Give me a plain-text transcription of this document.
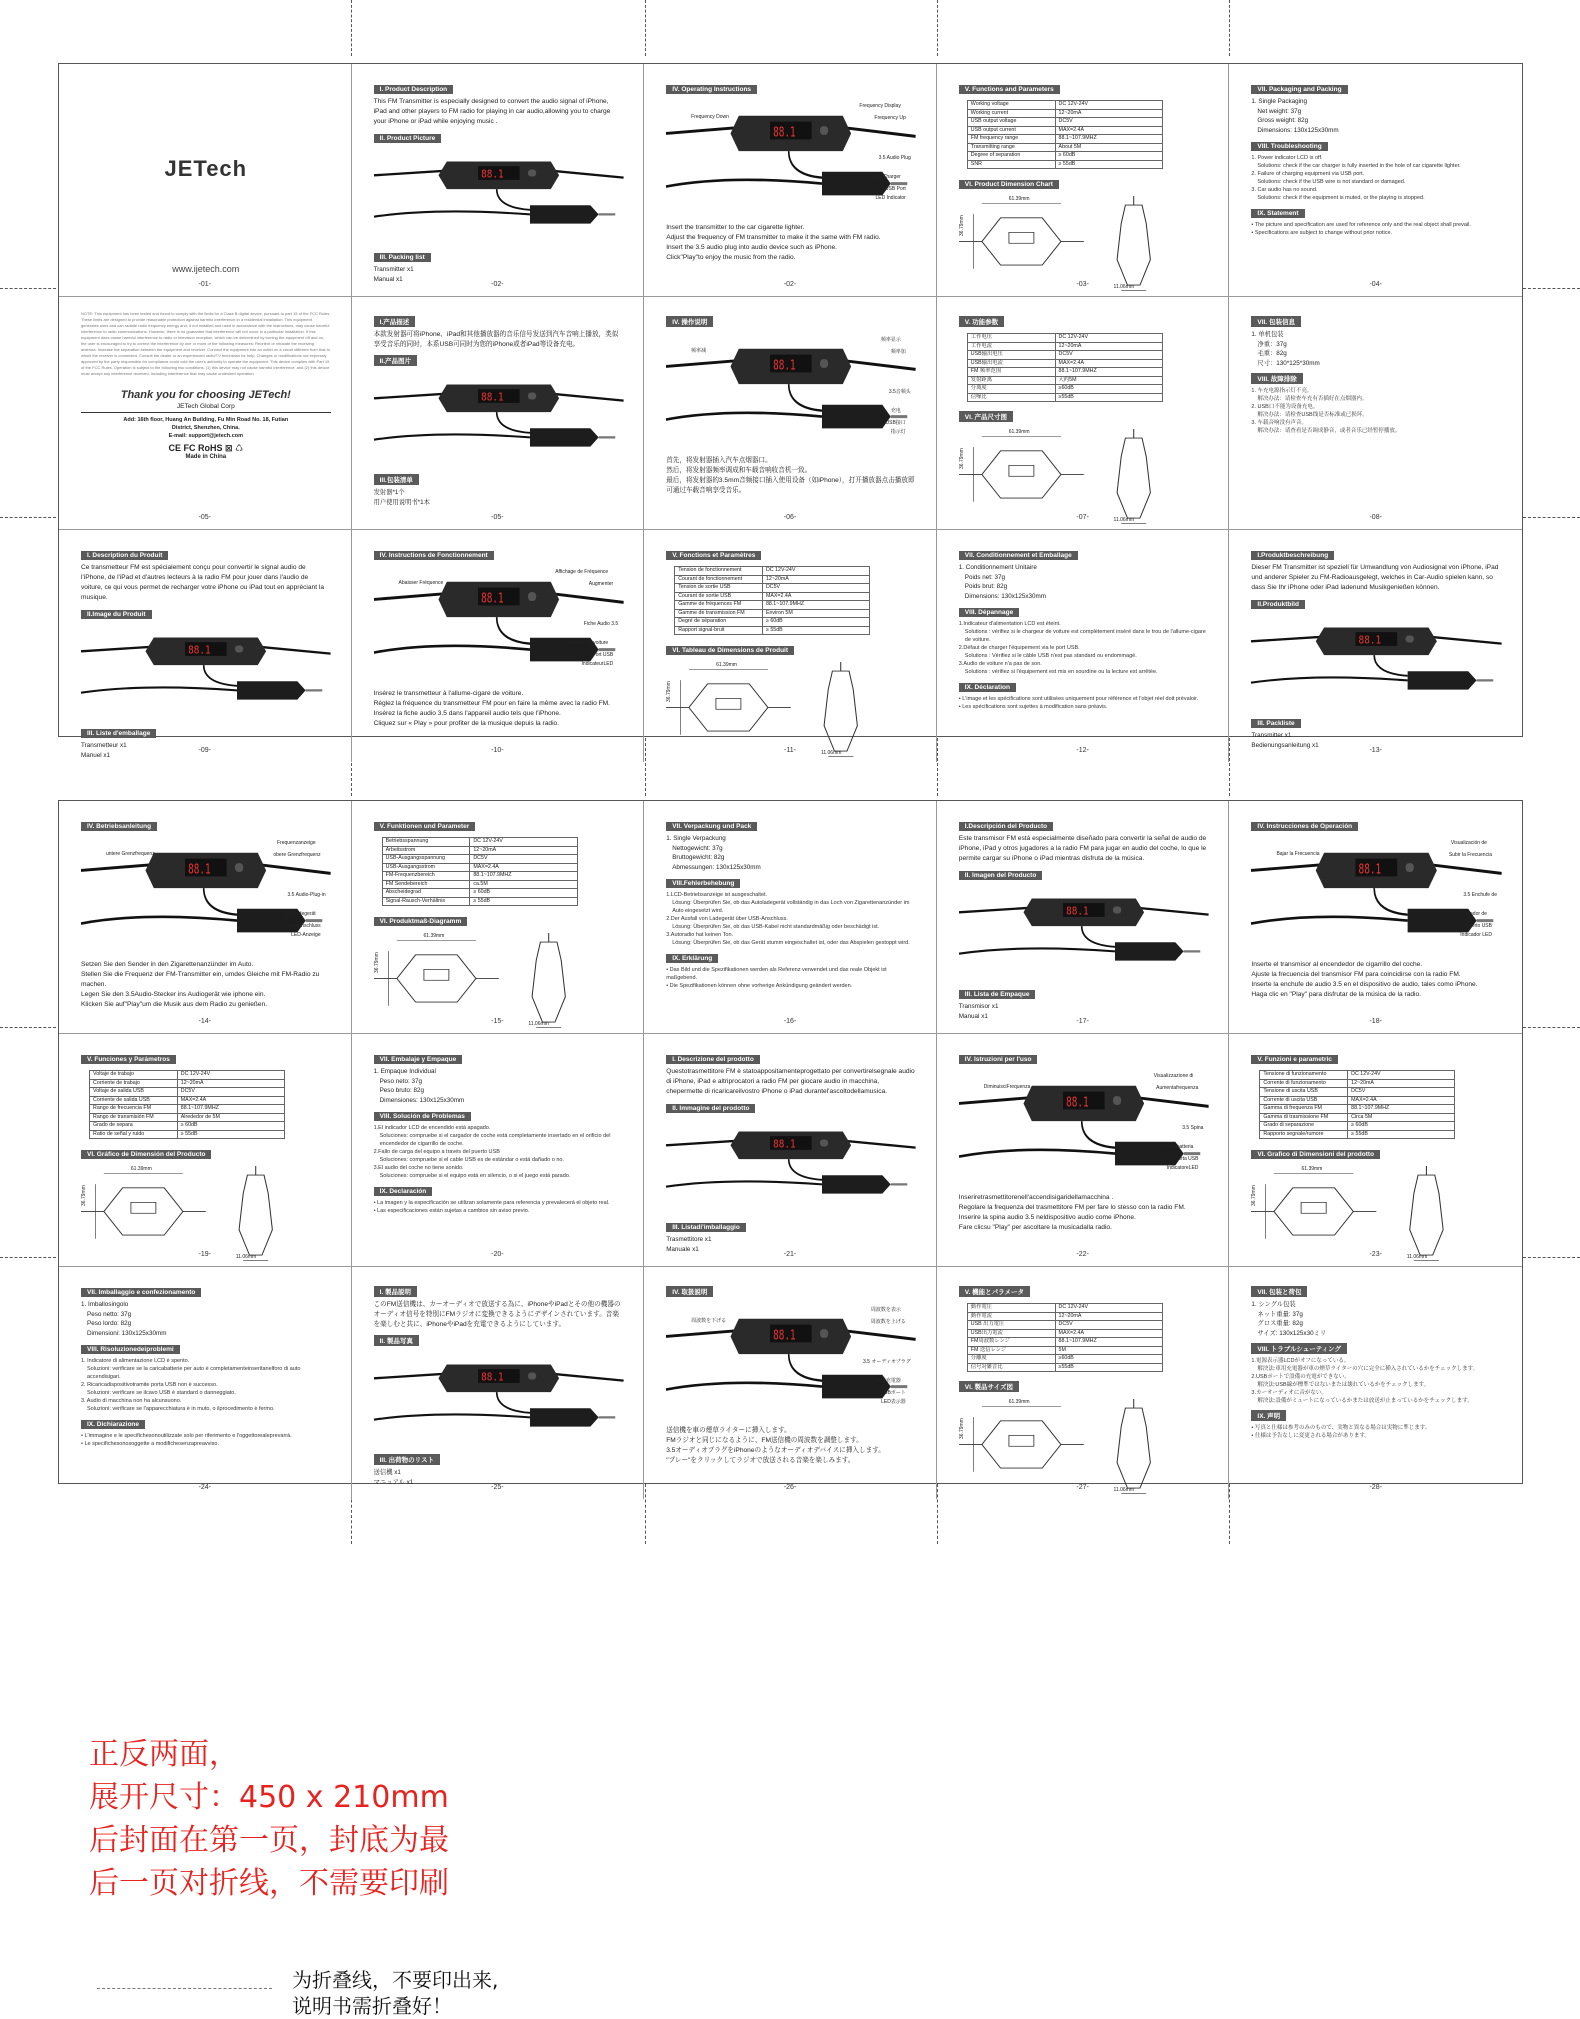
JETech
www.ijetech.com
-01-
I. Product Description
This FM Transmitter is especially designed to convert the audio signal of iPhone, iPad and other players to FM radio for playing in car audio,allowing you to charge your iPhone or iPad while enjoying music .
II. Product Picture
88.1
III. Packing list
Transmitter x1
Manual x1
-02-
IV. Operating Instructions
88.1
Frequency Display
Frequency Down	Frequency Up
3.5 Audio Plug
Car Charger
USB Port
LED Indicator
Insert the transmitter to the car cigarette lighter.
Adjust the frequency of FM transmitter to make it the same with FM radio.
Insert the 3.5 audio plug into audio device such as iPhone.
Click"Play"to enjoy the music from the radio.
-02-
V. Functions and Parameters
Working voltage	DC 12V-24V
Working current	12~20mA
USB output voltage	DC5V
USB output current	MAX=2.4A
FM frequency range	88.1~107.9MHZ
Transmitting range	About 5M
Degree of separation	≥ 60dB
SNR	≥ 55dB
VI. Product Dimension Chart
61.39mm
36.79mm
11.06mm
-03-
VII. Packaging and Packing
1. Single Packaging
Net weight: 37g
Gross weight: 82g
Dimensions: 130x125x30mm
VIII. Troubleshooting
1. Power indicator LCD is off.
Solutions: check if the car charger is fully inserted in the hole of car cigarette lighter.
2. Failure of charging equipment via USB port.
Solutions: check if the USB wire is not standard or damaged.
3. Car audio has no sound.
Solutions: check if the equipment is muted, or the playing is stopped.
IX. Statement
• The picture and specification are used for reference only and the real object shall prevail.
• Specifications are subject to change without prior notice.
-04-
NOTE: This equipment has been tested and found to comply with the limits for a Class B digital device, pursuant to part 15 of the FCC Rules. These limits are designed to provide reasonable protection against harmful interference in a residential installation. This equipment generates uses and can radiate radio frequency energy and, if not installed and used in accordance with the instructions, may cause harmful interference to radio communications. However, there is no guarantee that interference will not occur in a particular installation. If this equipment does cause harmful interference to radio or television reception, which can be determined by turning the equipment off and on, the user is encouraged to try to correct the interference by one or more of the following measures: Reorient or relocate the receiving antenna. Increase the separation between the equipment and receiver. Connect the equipment into an outlet on a circuit different from that to which the receiver is connected. Consult the dealer or an experienced radio/TV technician for help. Changes or modifications not expressly approved by the party responsible for compliance could void the user's authority to operate the equipment. This device complies with Part 15 of the FCC Rules. Operation is subject to the following two conditions: (1) this device may not cause harmful interference, and (2) this device must accept any interference received, including interference that may cause undesired operation.
Thank you for choosing JETech!
JETech Global Corp
Add: 16th floor, Huang An Building, Fu Min Road No. 18, Futian
District, Shenzhen, China.
E-mail: support@jetech.com
CE FC RoHS ⊠ ♺
Made in China
-05-
I.产品描述
本款发射器可将iPhone、iPad和其他播放器的音乐信号发送到汽车音响上播放，类似享受音乐的同时，本系USB可同时为您的iPhone或者iPad等设备充电。
II.产品图片
88.1
III.包装清单
发射器*1个
用户使用说明书*1本
-05-
IV. 操作说明
88.1
频率显示
频率减	频率加
3.5音频头
充电
USB接口
指示灯
首先，将发射器插入汽车点烟器口。
然后，将发射器频率调成和车载音响收音机一致。
最后，将发射器的3.5mm音频接口插入使用设备（如iPhone），打开播放器点击播放即可通过车载音响享受音乐。
-06-
V. 功能参数
工作电压	DC 12V-24V
工作电流	12~20mA
USB输出电压	DC5V
USB输出电流	MAX=2.4A
FM 频率范围	88.1~107.9MHZ
发射距离	大约5M
分离度	≥60dB
信噪比	≥55dB
VI. 产品尺寸图
61.39mm
36.79mm
11.06mm
-07-
VII. 包装信息
1. 单机包装
净重：37g
毛重：82g
尺寸：130*125*30mm
VIII. 故障排除
1. 车充电源指示灯不亮。
解决办法：请检查车充有否插好在点烟器内。
2. USB口不能为设备充电。
解决办法：请检查USB线是否标准或已损坏。
3. 车载音响没有声音。
解决办法：请查看是否调成静音，或者音乐已经暂停播放。
-08-
I. Description du Produit
Ce transmetteur FM est spécialement conçu pour convertir le signal audio de l'iPhone, de l'iPad et d'autres lecteurs à la radio FM pour jouer dans l'audio de voiture, ce qui vous permet de recharger votre iPhone ou iPad tout en appréciant la musique.
II.Image du Produit
88.1
III. Liste d'emballage
Transmetteur x1
Manuel x1
-09-
IV. Instructions de Fonctionnement
88.1
Affichage de Fréquence
Abaisser Fréquence	Augmenter
Fiche Audio 3.5
Chargeur de voiture
Port USB
IndicateurLED
Insérez le transmetteur à l'allume-cigare de voiture.
Réglez la fréquence du transmetteur FM pour en faire la même avec la radio FM.
Insérez la fiche audio 3.5 dans l'appareil audio tels que l'iPhone.
Cliquez sur « Play » pour profiter de la musique depuis la radio.
-10-
V. Fonctions et Paramètres
Tension de fonctionnement	DC 12V-24V
Courant de fonctionnement	12~20mA
Tension de sortie USB	DC5V
Courant de sortie USB	MAX=2.4A
Gamme de fréquences FM	88.1~107.9MHZ
Gamme de transmission FM	Environ 5M
Degré de séparation	≥ 60dB
Rapport signal-bruit	≥ 55dB
VI. Tableau de Dimensions de Produit
61.39mm
36.79mm
11.06mm
-11-
VII. Conditionnement et Emballage
1. Conditionnement Unitaire
Poids net: 37g
Poids brut: 82g
Dimensions: 130x125x30mm
VIII. Dépannage
1.Indicateur d'alimentation LCD est éteint.
Solutions : vérifiez si le chargeur de voiture est complètement inséré dans le trou de l'allume-cigare de voiture.
2.Défaut de charger l'équipement via le port USB.
Solutions : Vérifiez si le câble USB n'est pas standard ou endommagé.
3.Audio de voiture n'a pas de son.
Solutions : vérifiez si l'équipement est mis en sourdine ou la lecture est arrêtée.
IX. Déclaration
• L'image et les spécifications sont utilisées uniquement pour référence et l'objet réel doit prévaloir.
• Les spécifications sont sujettes à modification sans préavis.
-12-
I.Produktbeschreibung
Dieser FM Transmitter ist speziell für Umwandlung von Audiosignal von iPhone, iPad und anderer Spieler zu FM-Radioausgelegt, welches in Car-Audio spielen kann, so dass Sie Ihr iPhone oder iPad ladenund Musikgenießen können.
II.Produktbild
88.1
III. Packliste
Transmitter x1
Bedienungsanleitung x1
-13-
IV. Betriebsanleitung
88.1
Frequenzanzeige
untere Grenzfrequenz	obere Grenzfrequenz
3.5 Audio-Plug-in
Autoladegerät
USB-Anschluss
LED-Anzeige
Setzen Sie den Sender in den Zigarettenanzünder im Auto.
Stellen Sie die Frequenz der FM-Transmitter ein, umdes Gleiche mit FM-Radio zu machen.
Legen Sie den 3.5Audio-Stecker ins Audiogerät wie iphone ein.
Klicken Sie auf"Play"um die Musik aus dem Radio zu genießen.
-14-
V. Funktionen und Parameter
Betriebsspannung	DC 12V-24V
Arbeitsstrom	12~20mA
USB-Ausgangsspannung	DC5V
USB-Ausgangsstrom	MAX=2.4A
FM-Frequenzbereich	88.1~107.9MHZ
FM Sendebereich	ca.5M
Abscheidegrad	≥ 60dB
Signal-Rausch-Verhältnis	≥ 55dB
VI. Produktmaß-Diagramm
61.39mm
36.79mm
11.06mm
-15-
VII. Verpackung und Pack
1. Single Verpackung
Nettogewicht: 37g
Bruttogewicht: 82g
Abmessungen: 130x125x30mm
VIII.Fehlerbehebung
1.LCD-Betriebsanzeige ist ausgeschaltet.
Lösung: Überprüfen Sie, ob das Autoladegerät vollständig in das Loch von Zigarettenanzünder im Auto eingesetzt wird.
2.Der Ausfall von Ladegerät über USB-Anschluss.
Lösung: Überprüfen Sie, ob das USB-Kabel nicht standardmäßig oder beschädigt ist.
3.Autoradio hat keinen Ton.
Lösung: Überprüfen Sie, ob das Gerät stumm eingeschaltet ist, oder das Abspielen gestoppt wird.
IX. Erklärung
• Das Bild und die Spezifikationen werden als Referenz verwendet und das reale Objekt ist maßgebend.
• Die Spezifikationen können ohne vorherige Ankündigung geändert werden.
-16-
I.Descripción del Producto
Este transmisor FM está especialmente diseñado para convertir la señal de audio de iPhone, iPad y otros jugadores a la radio FM para jugar en audio del coche, lo que le permite cargar su iPhone o iPad mientras disfruta de la música.
II. Imagen del Producto
88.1
III. Lista de Empaque
Transmisor x1
Manual x1
-17-
IV. Instrucciones de Operación
88.1
Visualización de
Bajar la Frecuencia	Subir la Frecuencia
3.5 Enchufe de
Cargador de
Puerto USB
Indicador LED
Inserte el transmisor al encendedor de cigarrillo del coche.
Ajuste la frecuencia del transmisor FM para coincidirse con la radio FM.
Inserte la enchufe de audio 3.5 en el dispositivo de audio, tales como iPhone.
Haga clic en "Play" para disfrutar de la música de la radio.
-18-
V. Funciones y Parámetros
Voltaje de trabajo	DC 12V-24V
Corriente de trabajo	12~20mA
Voltaje de salida USB	DC5V
Corriente de salida USB	MAX=2.4A
Rango de frecuencia FM	88.1~107.9MHZ
Rango de transmisión FM	Alrededor de 5M
Grado de separa	≥ 60dB
Ratio de señal y ruido	≥ 55dB
VI. Gráfico de Dimensión del Producto
61.39mm
36.79mm
11.06mm
-19-
VII. Embalaje y Empaque
1. Empaque Individual
Peso neto: 37g
Peso bruto: 82g
Dimensiones: 130x125x30mm
VIII. Solución de Problemas
1.El indicador LCD de encendido está apagado.
Soluciones: compruebe si el cargador de coche está completamente insertado en el orificio del encendedor de cigarrillo de coche.
2.Fallo de carga del equipo a través del puerto USB
Soluciones: compruebe si el cable USB es de estándar o está dañado o no.
3.El audio del coche no tiene sonido.
Soluciones: compruebe si el equipo está en silencio, o si el juego está parado.
IX. Declaración
• La imagen y la especificación se utilizan solamente para referencia y prevalecerá el objeto real.
• Las especificaciones están sujetas a cambios sin aviso previo.
-20-
I. Descrizione del prodotto
Questotrasmettitore FM è statoappositamenteprogettato per convertirelsegnale audio di iPhone, iPad e altriprocatori a radio FM per giocare audio in macchina, chepermette di ricaricareilvostro iPhone o iPad durantel'ascoltodellamusica.
II. Immagine del prodotto
88.1
III. Listadi'imballaggio
Trasmettitore x1
Manuale x1
-21-
IV. Istruzioni per l'uso
88.1
Visualizzazione di
DiminuisciFrequenza	Aumentafrequenza
3.5 Spina
Caricabatteria
Porta USB
IndicatoreLED
Inseriretrasmettitorenell'accendisigaridellamacchina .
Regolare la frequenza del trasmettitore FM per fare lo stesso con la radio FM.
Inserire la spina audio 3.5 neldispositivo audio come iPhone.
Fare clicsu "Play" per ascoltare la musicadalla radio.
-22-
V. Funzioni e parametric
Tensione di funzionamento	DC 12V-24V
Corrente di funzionamento	12~20mA
Tensione di uscita USB	DC5V
Corrente di uscita USB	MAX=2.4A
Gamma di frequenza FM	88.1~107.9MHZ
Gamma di trasmissione FM	Circa 5M
Grado di separazione	≥ 60dB
Rapporto segnale/rumore	≥ 55dB
VI. Grafico di Dimensioni del prodotto
61.39mm
36.79mm
11.06mm
-23-
VII. Imballaggio e confezionamento
1. Imballosingolo
Peso netto: 37g
Peso lordo: 82g
Dimensioni: 130x125x30mm
VIII. Risoluzionedeiproblemi
1. Indicatore di alimentazione LCD è spento.
Soluzioni: verificare se la caricabatterie per auto è completamenteinseritanelforo di auto accendisigari.
2. Ricaricadispositivotramite porta USB non è successo.
Soluzioni: verificare se ilcavo USB è standard o danneggiato.
3. Audio di macchina non ha alcunsuono.
Soluzioni: verificare se l'apparecchiatura è in muto, o ilprocedimento è fermo.
IX. Dichiarazione
• L'immagine e le specifichesonoutilizzate solo per riferimento e l'oggettorealeprevarrà.
• Le specifichesonosoggette a modifichesenzapreavviso.
-24-
I. 製品説明
このFM送信機は、カーオーディオで放送する為に、iPhoneやiPadとその他の機器のオーディオ信号を特別にFMラジオに変換できるようにデザインされています。音楽を楽しむと共に、iPhoneやiPadを充電できるようにしています。
II. 製品写真
88.1
III. 出荷物のリスト
送信機 x1
マニュアル x1
-25-
IV. 取扱説明
88.1
周波数を表示
周波数を下げる	周波数を上げる
3.5 オーディオプラグ
車用充電器
USBポート
LED表示器
送信機を車の煙草ライターに挿入します。
FMラジオと同じになるように、FM送信機の周波数を調整します。
3.5オーディオプラグをiPhoneのようなオーディオデバイスに挿入します。
"プレー"をクリックしてラジオで放送される音楽を楽しみます。
-26-
V. 機能とパラメータ
動作電圧	DC 12V-24V
動作電流	12~20mA
USB 出力電圧	DC5V
USB出力電流	MAX=2.4A
FM周波数レンジ	88.1~107.9MHZ
FM 送信レンジ	5M
分離度	≥60dB
信号対雑音比	≥55dB
VI. 製品サイズ図
61.39mm
36.79mm
11.06mm
-27-
VII. 包装と荷包
1. シングル包装
ネット重量: 37g
グロス重量: 82g
サイズ: 130x125x30ミリ
VIII. トラブルシューティング
1.電源表示器LCDがオフになっている。
解決法:車用充電器が車の煙草ライターの穴に完全に挿入されているかをチェックします。
2.USBポートで設備の充電ができない。
解決法:USB線が標準ではないまたは壊れているかをチェックします。
3.カーオーディオに音がない。
解決法:設備がミュートになっているかまたは放送が止まっているかをチェックします。
IX. 声明
• 写真と仕様は参考のみのもので、実物と異なる場合は実物に準じます。
• 仕様は予告なしに変更される場合があります。
-28-
正反两面，
展开尺寸：450 x 210mm
后封面在第一页，封底为最
后一页对折线，不需要印刷
为折叠线，不要印出来,
说明书需折叠好！
